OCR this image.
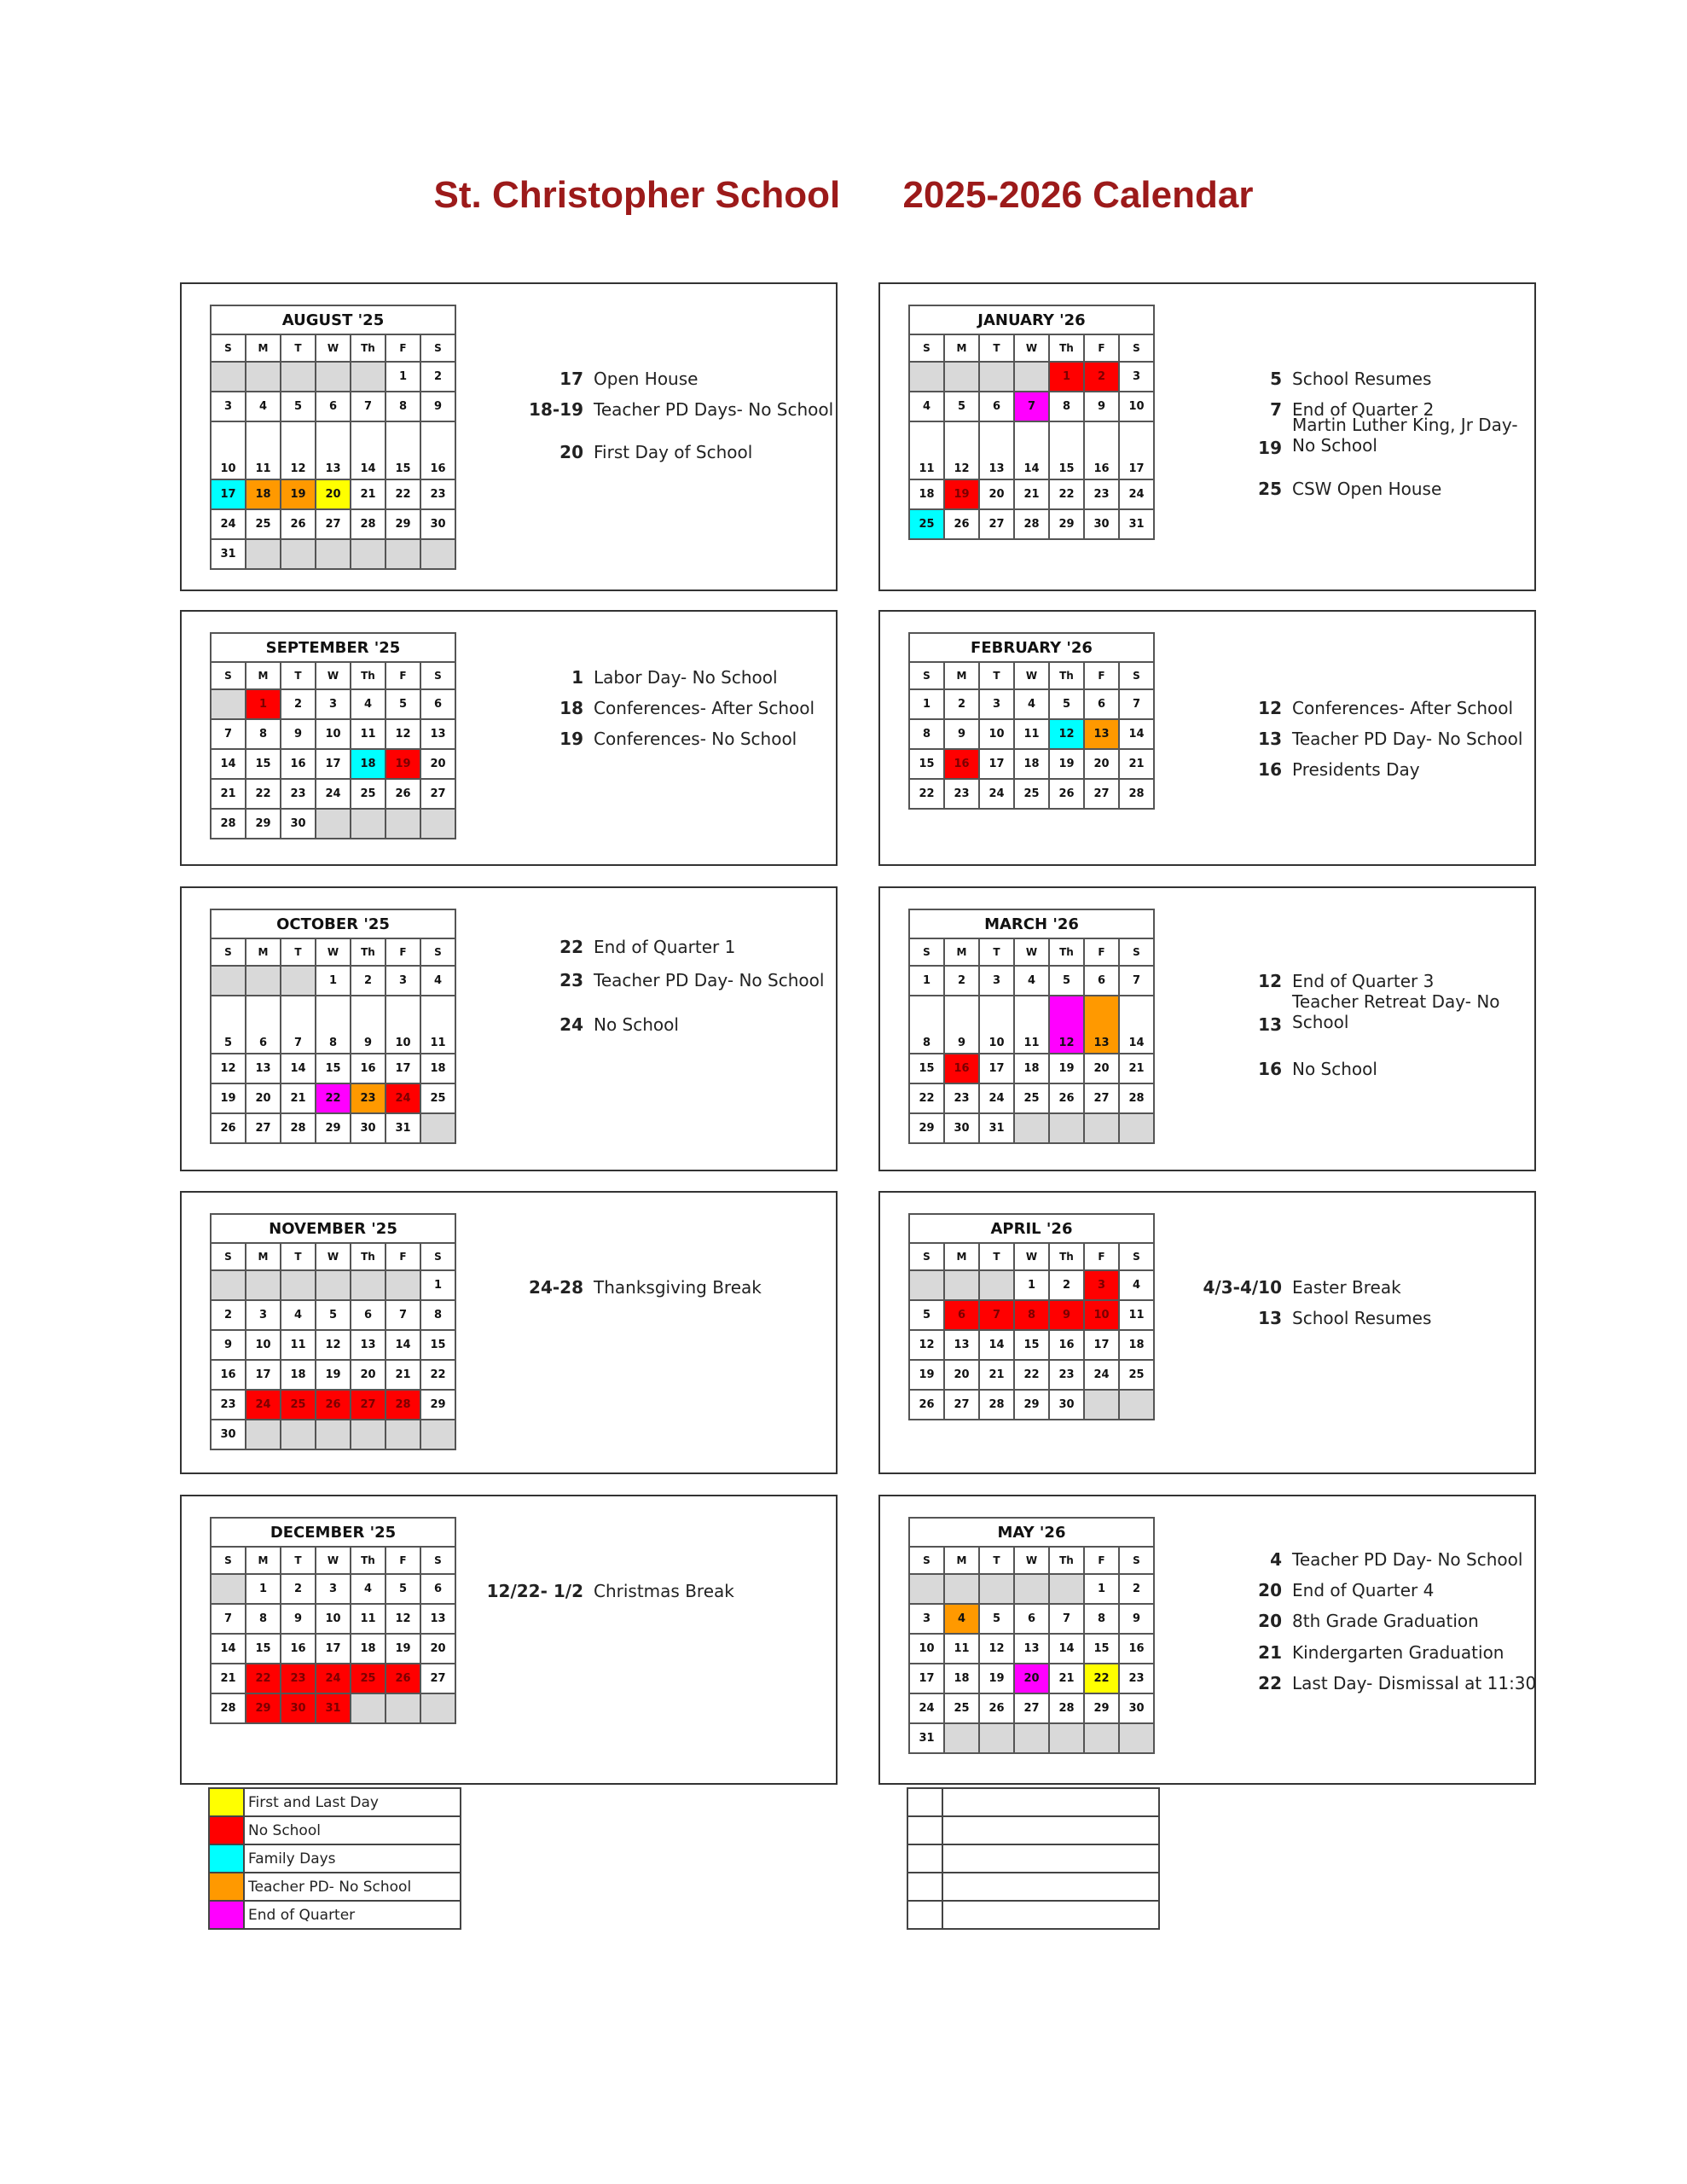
St. Christopher School      2025-2026 Calendar
AUGUST '25						
S	M	T	W	Th	F	S
					1	2
3	4	5	6	7	8	9
10	11	12	13	14	15	16
17	18	19	20	21	22	23
24	25	26	27	28	29	30
31						
17 Open House
18-19 Teacher PD Days- No School
20 First Day of School
JANUARY '26						
S	M	T	W	Th	F	S
				1	2	3
4	5	6	7	8	9	10
11	12	13	14	15	16	17
18	19	20	21	22	23	24
25	26	27	28	29	30	31
5 School Resumes
7 End of Quarter 2
19
Martin Luther King, Jr Day-
No School
25 CSW Open House
SEPTEMBER '25						
S	M	T	W	Th	F	S
	1	2	3	4	5	6
7	8	9	10	11	12	13
14	15	16	17	18	19	20
21	22	23	24	25	26	27
28	29	30				
1 Labor Day- No School
18 Conferences- After School
19 Conferences- No School
FEBRUARY '26						
S	M	T	W	Th	F	S
1	2	3	4	5	6	7
8	9	10	11	12	13	14
15	16	17	18	19	20	21
22	23	24	25	26	27	28
12 Conferences- After School
13 Teacher PD Day- No School
16 Presidents Day
OCTOBER '25						
S	M	T	W	Th	F	S
			1	2	3	4
5	6	7	8	9	10	11
12	13	14	15	16	17	18
19	20	21	22	23	24	25
26	27	28	29	30	31	
22 End of Quarter 1
23 Teacher PD Day- No School
24 No School
MARCH '26						
S	M	T	W	Th	F	S
1	2	3	4	5	6	7
8	9	10	11	12	13	14
15	16	17	18	19	20	21
22	23	24	25	26	27	28
29	30	31				
12 End of Quarter 3
13
Teacher Retreat Day- No
School
16 No School
NOVEMBER '25						
S	M	T	W	Th	F	S
						1
2	3	4	5	6	7	8
9	10	11	12	13	14	15
16	17	18	19	20	21	22
23	24	25	26	27	28	29
30						
24-28 Thanksgiving Break
APRIL '26						
S	M	T	W	Th	F	S
			1	2	3	4
5	6	7	8	9	10	11
12	13	14	15	16	17	18
19	20	21	22	23	24	25
26	27	28	29	30		
4/3-4/10 Easter Break
13 School Resumes
DECEMBER '25						
S	M	T	W	Th	F	S
	1	2	3	4	5	6
7	8	9	10	11	12	13
14	15	16	17	18	19	20
21	22	23	24	25	26	27
28	29	30	31			
12/22- 1/2 Christmas Break
MAY '26						
S	M	T	W	Th	F	S
					1	2
3	4	5	6	7	8	9
10	11	12	13	14	15	16
17	18	19	20	21	22	23
24	25	26	27	28	29	30
31						
4 Teacher PD Day- No School
20 End of Quarter 4
20 8th Grade Graduation
21 Kindergarten Graduation
22 Last Day- Dismissal at 11:30
	First and Last Day
	No School
	Family Days
	Teacher PD- No School
	End of Quarter
